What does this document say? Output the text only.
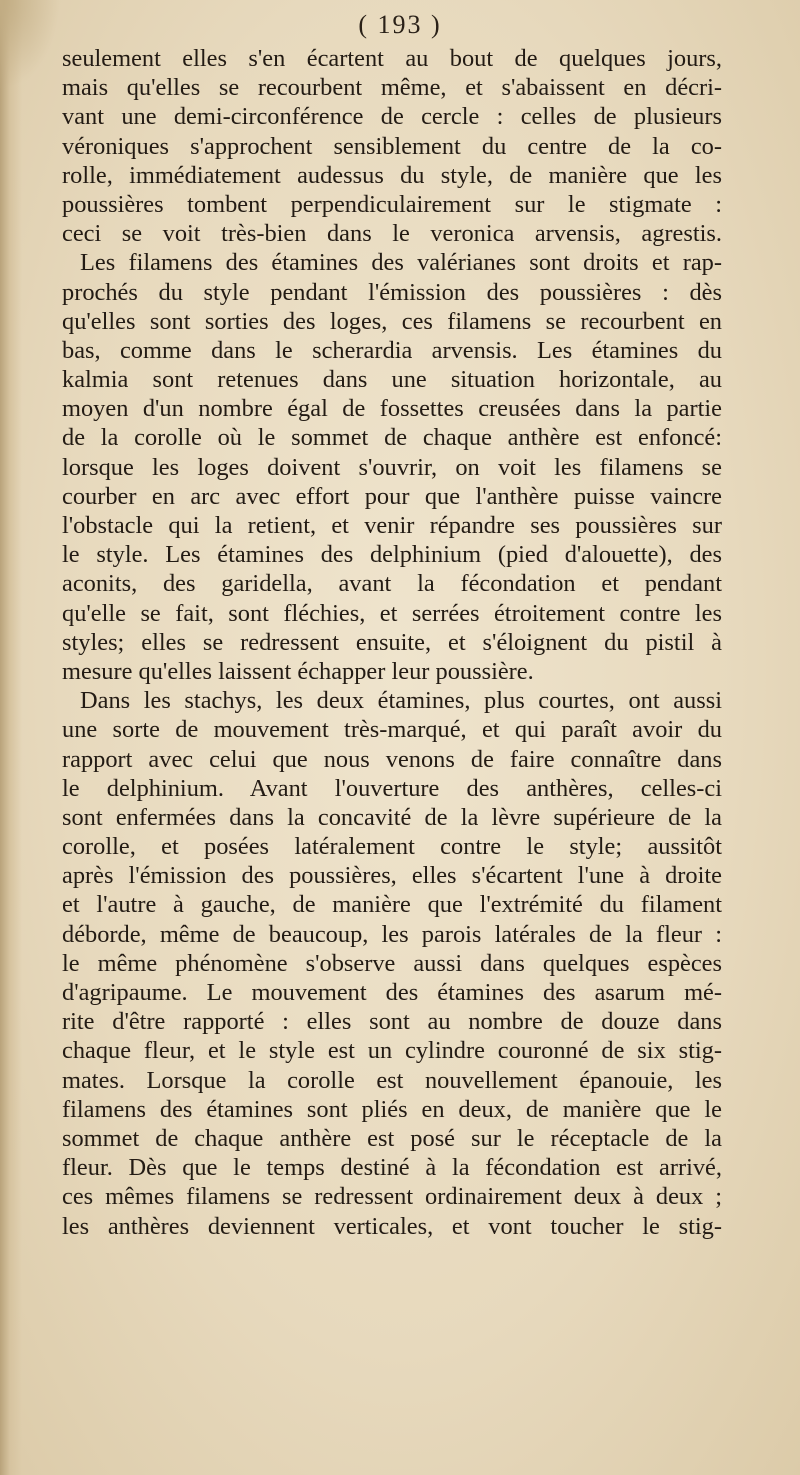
( 193 )
seulement elles s'en écartent au bout de quelques jours,
mais qu'elles se recourbent même, et s'abaissent en décri-
vant une demi-circonférence de cercle : celles de plusieurs
véroniques s'approchent sensiblement du centre de la co-
rolle, immédiatement audessus du style, de manière que les
poussières tombent perpendiculairement sur le stigmate :
ceci se voit très-bien dans le veronica arvensis, agrestis.
Les filamens des étamines des valérianes sont droits et rap-
prochés du style pendant l'émission des poussières : dès
qu'elles sont sorties des loges, ces filamens se recourbent en
bas, comme dans le scherardia arvensis. Les étamines du
kalmia sont retenues dans une situation horizontale, au
moyen d'un nombre égal de fossettes creusées dans la partie
de la corolle où le sommet de chaque anthère est enfoncé:
lorsque les loges doivent s'ouvrir, on voit les filamens se
courber en arc avec effort pour que l'anthère puisse vaincre
l'obstacle qui la retient, et venir répandre ses poussières sur
le style. Les étamines des delphinium (pied d'alouette), des
aconits, des garidella, avant la fécondation et pendant
qu'elle se fait, sont fléchies, et serrées étroitement contre les
styles; elles se redressent ensuite, et s'éloignent du pistil à
mesure qu'elles laissent échapper leur poussière.
Dans les stachys, les deux étamines, plus courtes, ont aussi
une sorte de mouvement très-marqué, et qui paraît avoir du
rapport avec celui que nous venons de faire connaître dans
le delphinium. Avant l'ouverture des anthères, celles-ci
sont enfermées dans la concavité de la lèvre supérieure de la
corolle, et posées latéralement contre le style; aussitôt
après l'émission des poussières, elles s'écartent l'une à droite
et l'autre à gauche, de manière que l'extrémité du filament
déborde, même de beaucoup, les parois latérales de la fleur :
le même phénomène s'observe aussi dans quelques espèces
d'agripaume. Le mouvement des étamines des asarum mé-
rite d'être rapporté : elles sont au nombre de douze dans
chaque fleur, et le style est un cylindre couronné de six stig-
mates. Lorsque la corolle est nouvellement épanouie, les
filamens des étamines sont pliés en deux, de manière que le
sommet de chaque anthère est posé sur le réceptacle de la
fleur. Dès que le temps destiné à la fécondation est arrivé,
ces mêmes filamens se redressent ordinairement deux à deux ;
les anthères deviennent verticales, et vont toucher le stig-
